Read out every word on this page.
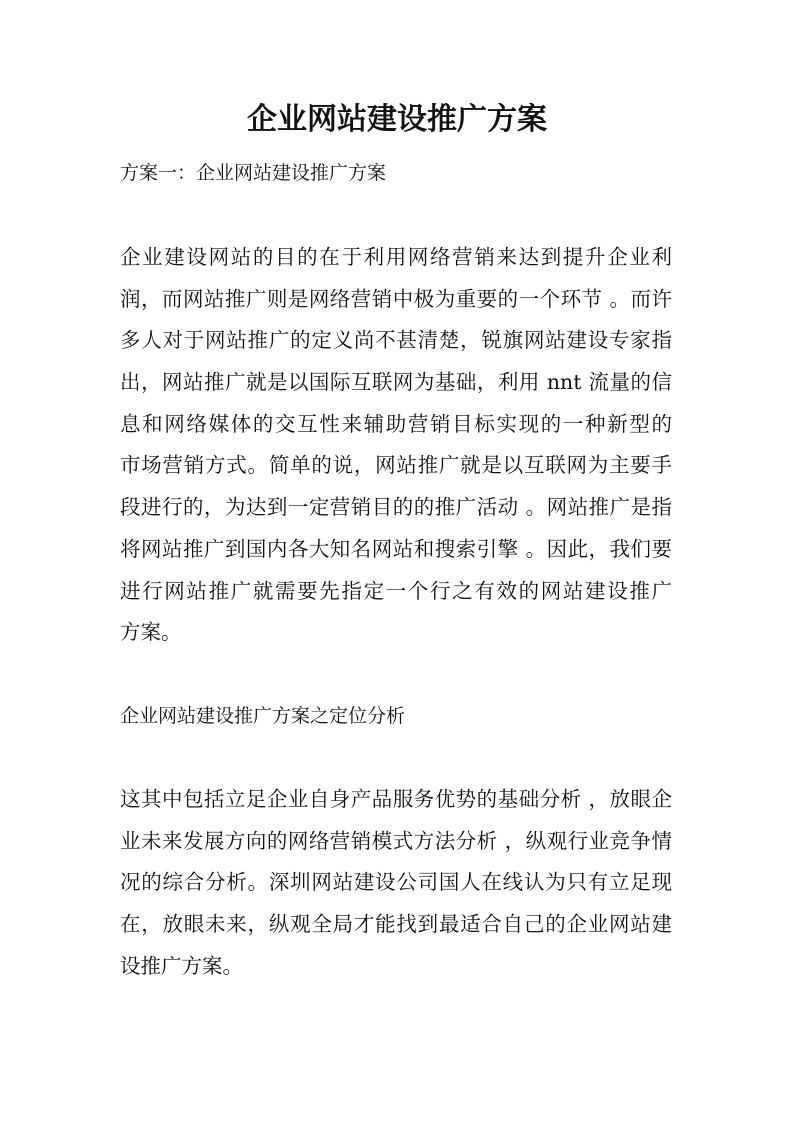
企业网站建设推广方案
方案一：企业网站建设推广方案
企业建设网站的目的在于利用网络营销来达到提升企业利
润，而网站推广则是网络营销中极为重要的一个环节 。而许
多人对于网站推广的定义尚不甚清楚，锐旗网站建设专家指
出，网站推广就是以国际互联网为基础，利用 nnt 流量的信
息和网络媒体的交互性来辅助营销目标实现的一种新型的
市场营销方式。简单的说，网站推广就是以互联网为主要手
段进行的，为达到一定营销目的的推广活动 。网站推广是指
将网站推广到国内各大知名网站和搜索引擎 。因此，我们要
进行网站推广就需要先指定一个行之有效的网站建设推广
方案。
企业网站建设推广方案之定位分析
这其中包括立足企业自身产品服务优势的基础分析 ，放眼企
业未来发展方向的网络营销模式方法分析 ，纵观行业竞争情
况的综合分析。深圳网站建设公司国人在线认为只有立足现
在，放眼未来，纵观全局才能找到最适合自己的企业网站建
设推广方案。
